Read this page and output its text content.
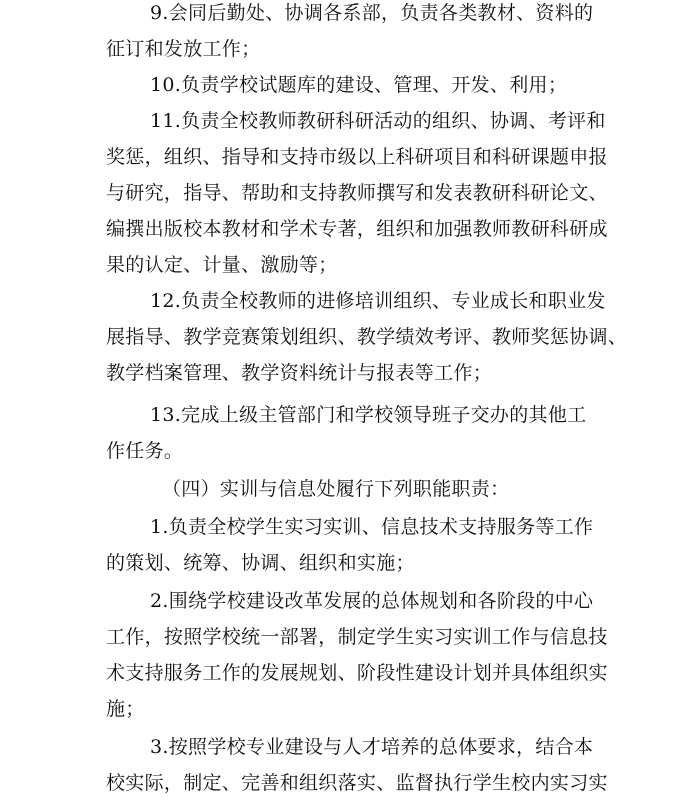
9.会同后勤处、协调各系部，负责各类教材、资料的
征订和发放工作；
10.负责学校试题库的建设、管理、开发、利用；
11.负责全校教师教研科研活动的组织、协调、考评和
奖惩，组织、指导和支持市级以上科研项目和科研课题申报
与研究，指导、帮助和支持教师撰写和发表教研科研论文、
编撰出版校本教材和学术专著，组织和加强教师教研科研成
果的认定、计量、激励等；
12.负责全校教师的进修培训组织、专业成长和职业发
展指导、教学竞赛策划组织、教学绩效考评、教师奖惩协调、
教学档案管理、教学资料统计与报表等工作；
13.完成上级主管部门和学校领导班子交办的其他工
作任务。
（四）实训与信息处履行下列职能职责：
1.负责全校学生实习实训、信息技术支持服务等工作
的策划、统筹、协调、组织和实施；
2.围绕学校建设改革发展的总体规划和各阶段的中心
工作，按照学校统一部署，制定学生实习实训工作与信息技
术支持服务工作的发展规划、阶段性建设计划并具体组织实
施；
3.按照学校专业建设与人才培养的总体要求，结合本
校实际，制定、完善和组织落实、监督执行学生校内实习实
